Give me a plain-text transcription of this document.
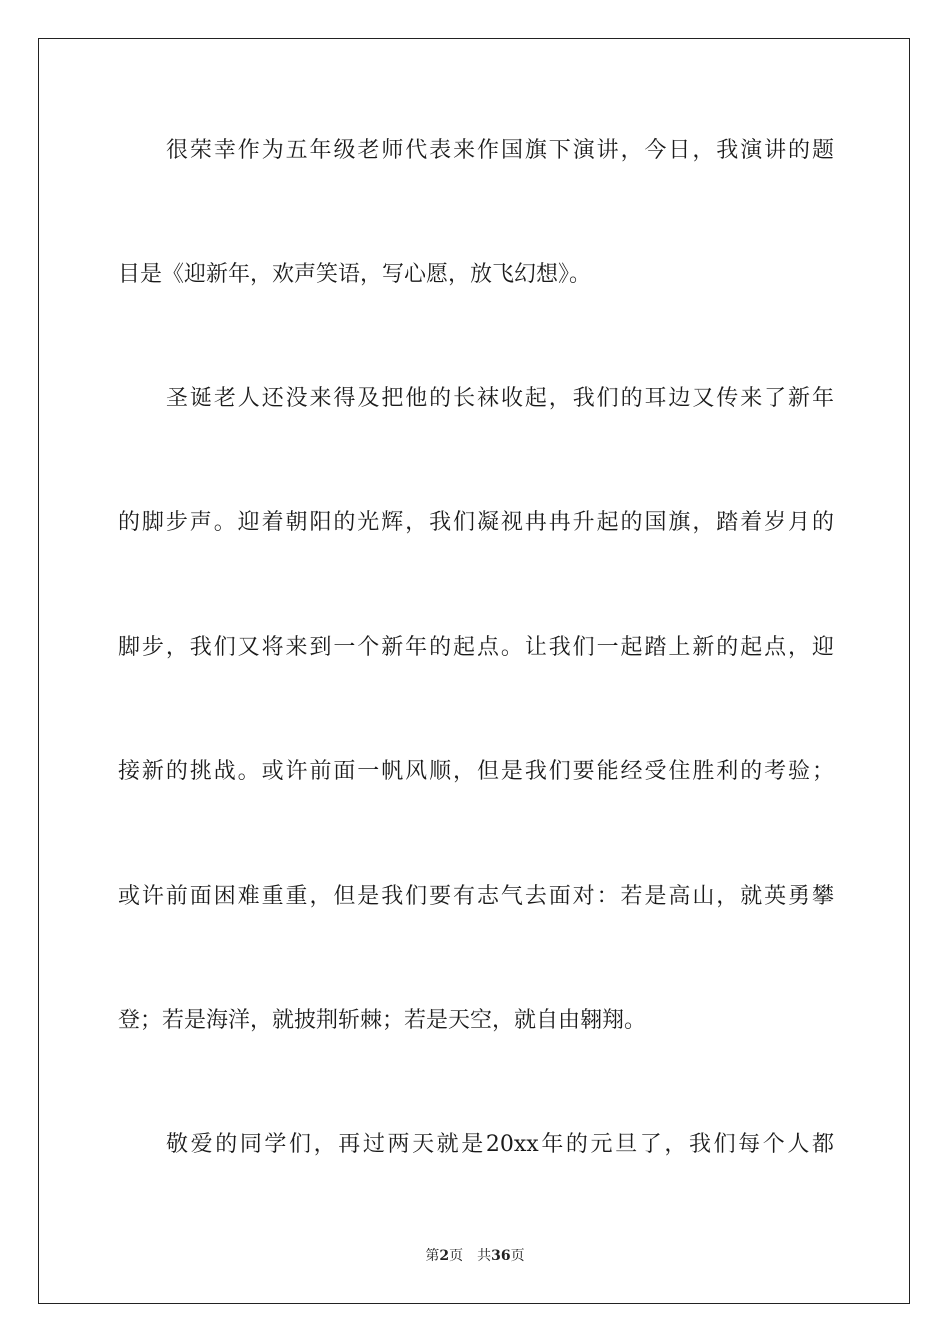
很荣幸作为五年级老师代表来作国旗下演讲，今日，我演讲的题
目是《迎新年，欢声笑语，写心愿，放飞幻想》。
圣诞老人还没来得及把他的长袜收起，我们的耳边又传来了新年
的脚步声。迎着朝阳的光辉，我们凝视冉冉升起的国旗，踏着岁月的
脚步，我们又将来到一个新年的起点。让我们一起踏上新的起点，迎
接新的挑战。或许前面一帆风顺，但是我们要能经受住胜利的考验；
或许前面困难重重，但是我们要有志气去面对：若是高山，就英勇攀
登；若是海洋，就披荆斩棘；若是天空，就自由翱翔。
敬爱的同学们，再过两天就是20xx年的元旦了，我们每个人都
第2页 共36页
